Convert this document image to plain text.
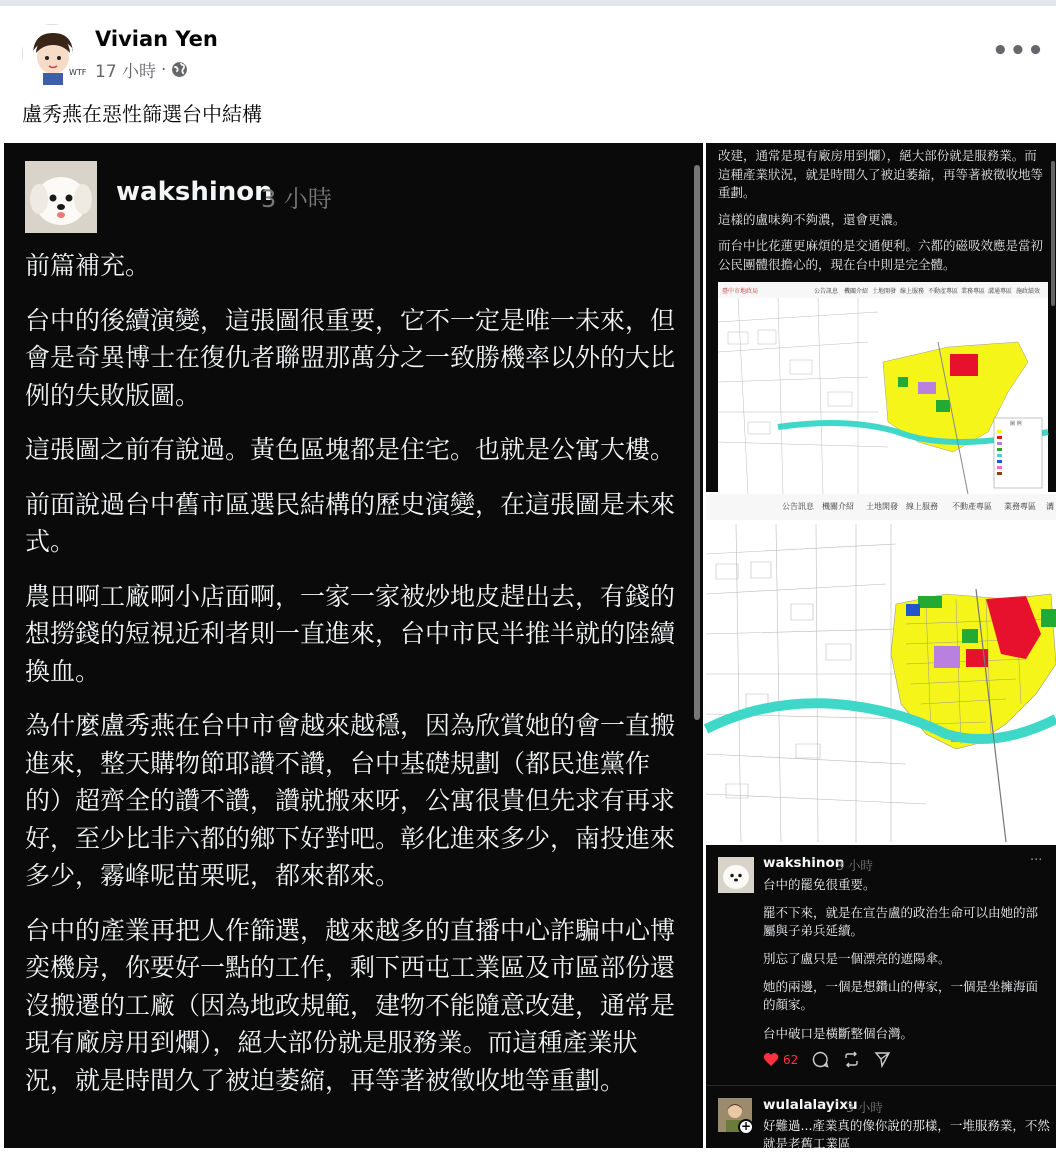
WTF
Vivian Yen
17 小時 ·
•••
盧秀燕在惡性篩選台中結構
wakshinon
3 小時

前篇補充。

台中的後續演變，這張圖很重要，它不一定是唯一未來，但會是奇異博士在復仇者聯盟那萬分之一致勝機率以外的大比例的失敗版圖。

這張圖之前有說過。黃色區塊都是住宅。也就是公寓大樓。

前面說過台中舊市區選民結構的歷史演變，在這張圖是未來式。

農田啊工廠啊小店面啊，一家一家被炒地皮趕出去，有錢的想撈錢的短視近利者則一直進來，台中市民半推半就的陸續換血。

為什麼盧秀燕在台中市會越來越穩，因為欣賞她的會一直搬進來，整天購物節耶讚不讚，台中基礎規劃（都民進黨作的）超齊全的讚不讚，讚就搬來呀，公寓很貴但先求有再求好，至少比非六都的鄉下好對吧。彰化進來多少，南投進來多少，霧峰呢苗栗呢，都來都來。

台中的產業再把人作篩選，越來越多的直播中心詐騙中心博奕機房，你要好一點的工作，剩下西屯工業區及市區部份還沒搬遷的工廠（因為地政規範，建物不能隨意改建，通常是現有廠房用到爛），絕大部份就是服務業。而這種產業狀況，就是時間久了被迫萎縮，再等著被徵收地等重劃。

改建，通常是現有廠房用到爛），絕大部份就是服務業。而這種產業狀況，就是時間久了被迫萎縮，再等著被徵收地等重劃。

這樣的盧味夠不夠濃，還會更濃。

而台中比花蓮更麻煩的是交通便利。六都的磁吸效應是當初公民團體很擔心的，現在台中則是完全體。

臺中市地政局	公告訊息 機關介紹 土地開發 線上服務 不動產專區 業務專區 溝通專區 施政績效
圖 例
公告訊息 機關介紹 土地開發 線上服務 不動產專區 業務專區 溝
wakshinon
3 小時	···
台中的罷免很重要。
罷不下來，就是在宣告盧的政治生命可以由她的部屬與子弟兵延續。
別忘了盧只是一個漂亮的遮陽傘。
她的兩邊，一個是想鑽山的傳家，一個是坐擁海面的顏家。
台中破口是橫斷整個台灣。
62
+
wulalalayixu
3 小時
好難過...產業真的像你說的那樣，一堆服務業，不然就是老舊工業區
